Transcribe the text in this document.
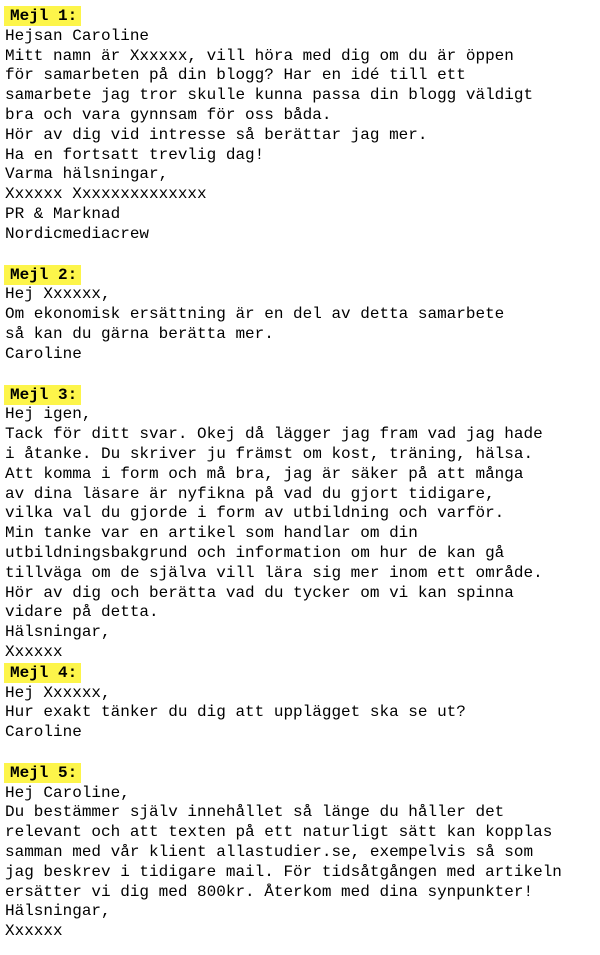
Mejl 1:
Hejsan Caroline
Mitt namn är Xxxxxx, vill höra med dig om du är öppen
för samarbeten på din blogg? Har en idé till ett
samarbete jag tror skulle kunna passa din blogg väldigt
bra och vara gynnsam för oss båda.
Hör av dig vid intresse så berättar jag mer.
Ha en fortsatt trevlig dag!
Varma hälsningar,
Xxxxxx Xxxxxxxxxxxxxx
PR & Marknad
Nordicmediacrew
Mejl 2:
Hej Xxxxxx,
Om ekonomisk ersättning är en del av detta samarbete
så kan du gärna berätta mer.
Caroline
Mejl 3:
Hej igen,
Tack för ditt svar. Okej då lägger jag fram vad jag hade
i åtanke. Du skriver ju främst om kost, träning, hälsa.
Att komma i form och må bra, jag är säker på att många
av dina läsare är nyfikna på vad du gjort tidigare,
vilka val du gjorde i form av utbildning och varför.
Min tanke var en artikel som handlar om din
utbildningsbakgrund och information om hur de kan gå
tillväga om de själva vill lära sig mer inom ett område.
Hör av dig och berätta vad du tycker om vi kan spinna
vidare på detta.
Hälsningar,
Xxxxxx
Mejl 4:
Hej Xxxxxx,
Hur exakt tänker du dig att upplägget ska se ut?
Caroline
Mejl 5:
Hej Caroline,
Du bestämmer själv innehållet så länge du håller det
relevant och att texten på ett naturligt sätt kan kopplas
samman med vår klient allastudier.se, exempelvis så som
jag beskrev i tidigare mail. För tidsåtgången med artikeln
ersätter vi dig med 800kr. Återkom med dina synpunkter!
Hälsningar,
Xxxxxx
